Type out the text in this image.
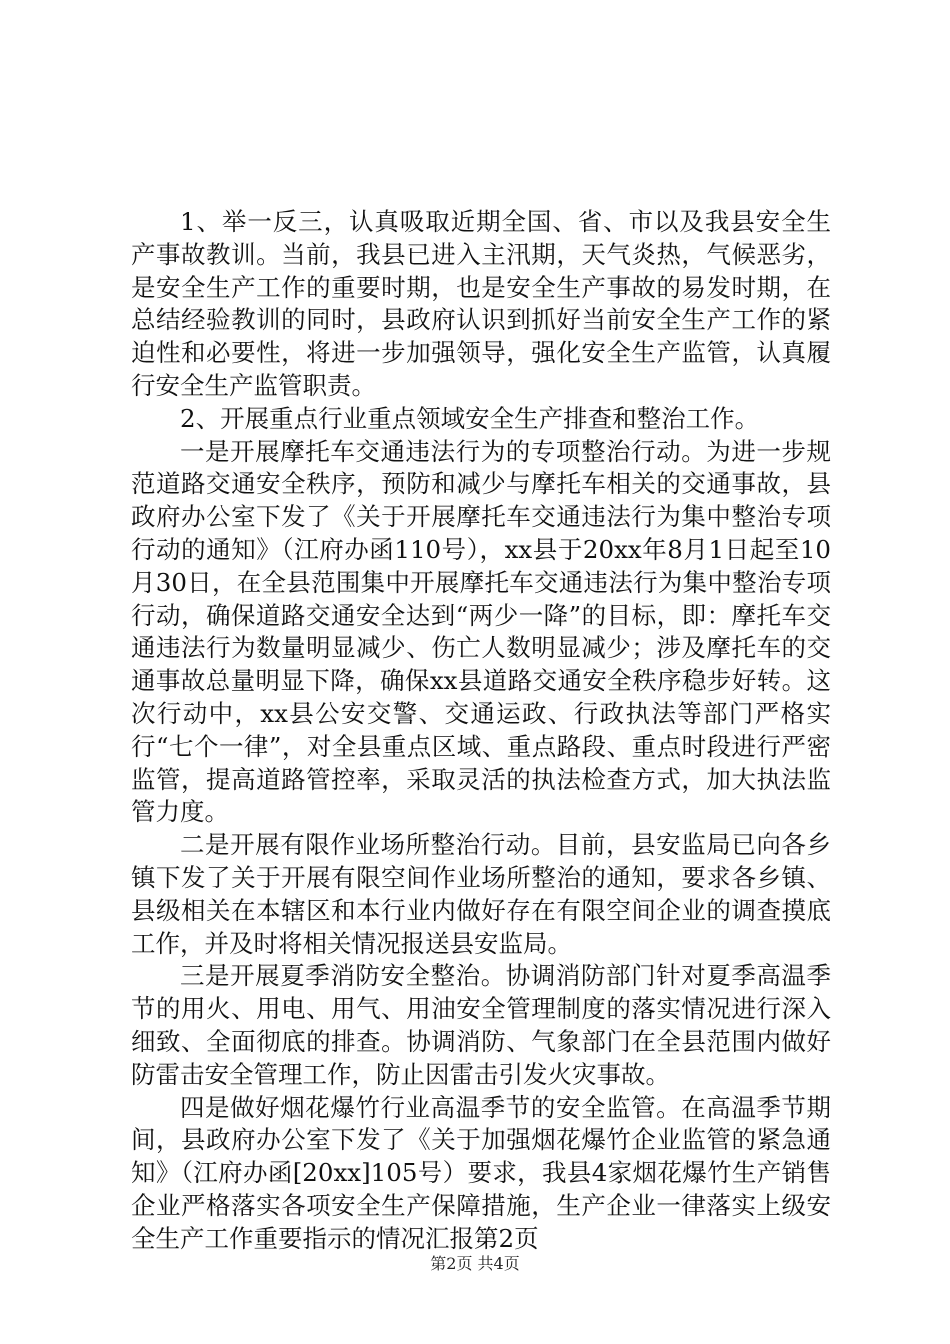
1、举一反三，认真吸取近期全国、省、市以及我县安全生产事故教训。当前，我县已进入主汛期，天气炎热，气候恶劣，是安全生产工作的重要时期，也是安全生产事故的易发时期，在总结经验教训的同时，县政府认识到抓好当前安全生产工作的紧迫性和必要性，将进一步加强领导，强化安全生产监管，认真履行安全生产监管职责。

2、开展重点行业重点领域安全生产排查和整治工作。

一是开展摩托车交通违法行为的专项整治行动。为进一步规范道路交通安全秩序，预防和减少与摩托车相关的交通事故，县政府办公室下发了《关于开展摩托车交通违法行为集中整治专项行动的通知》（江府办函110号），xx县于20xx年8月1日起至10月30日，在全县范围集中开展摩托车交通违法行为集中整治专项行动，确保道路交通安全达到“两少一降”的目标，即：摩托车交通违法行为数量明显减少、伤亡人数明显减少；涉及摩托车的交通事故总量明显下降，确保xx县道路交通安全秩序稳步好转。这次行动中，xx县公安交警、交通运政、行政执法等部门严格实行“七个一律”，对全县重点区域、重点路段、重点时段进行严密监管，提高道路管控率，采取灵活的执法检查方式，加大执法监管力度。

二是开展有限作业场所整治行动。目前，县安监局已向各乡镇下发了关于开展有限空间作业场所整治的通知，要求各乡镇、县级相关在本辖区和本行业内做好存在有限空间企业的调查摸底工作，并及时将相关情况报送县安监局。

三是开展夏季消防安全整治。协调消防部门针对夏季高温季节的用火、用电、用气、用油安全管理制度的落实情况进行深入细致、全面彻底的排查。协调消防、气象部门在全县范围内做好防雷击安全管理工作，防止因雷击引发火灾事故。

四是做好烟花爆竹行业高温季节的安全监管。在高温季节期间，县政府办公室下发了《关于加强烟花爆竹企业监管的紧急通知》（江府办函[20xx]105号）要求，我县4家烟花爆竹生产销售企业严格落实各项安全生产保障措施，生产企业一律落实上级安全生产工作重要指示的情况汇报第2页

第2页 共4页
